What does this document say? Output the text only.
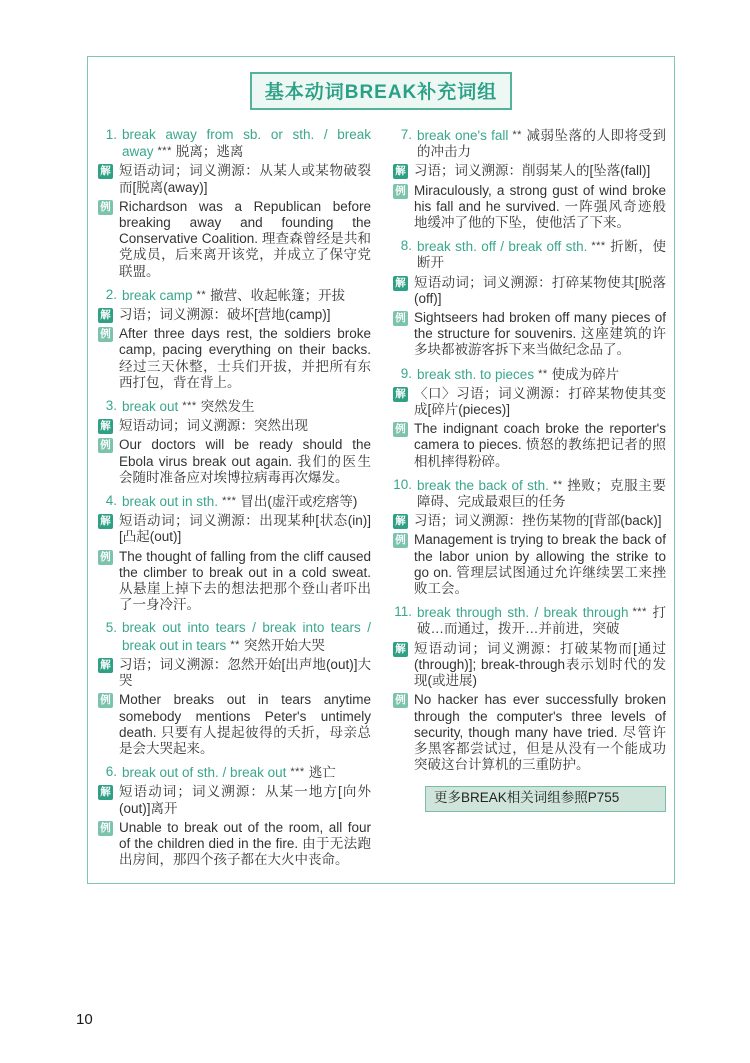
基本动词BREAK补充词组

1. break away from sb. or sth. / break away *** 脱离；逃离

解 短语动词；词义溯源：从某人或某物破裂而[脱离(away)]

例 Richardson was a Republican before breaking away and founding the Conservative Coalition. 理查森曾经是共和党成员，后来离开该党，并成立了保守党联盟。

2. break camp ** 撤营、收起帐篷；开拔

解 习语；词义溯源：破坏[营地(camp)]

例 After three days rest, the soldiers broke camp, pacing everything on their backs. 经过三天休整，士兵们开拔，并把所有东西打包，背在背上。

3. break out *** 突然发生

解 短语动词；词义溯源：突然出现

例 Our doctors will be ready should the Ebola virus break out again. 我们的医生会随时准备应对埃博拉病毒再次爆发。

4. break out in sth. *** 冒出(虚汗或疙瘩等)

解 短语动词；词义溯源：出现某种[状态(in)] [凸起(out)]

例 The thought of falling from the cliff caused the climber to break out in a cold sweat. 从悬崖上掉下去的想法把那个登山者吓出了一身冷汗。

5. break out into tears / break into tears / break out in tears ** 突然开始大哭

解 习语；词义溯源：忽然开始[出声地(out)]大哭

例 Mother breaks out in tears anytime somebody mentions Peter's untimely death. 只要有人提起彼得的夭折，母亲总是会大哭起来。

6. break out of sth. / break out *** 逃亡

解 短语动词；词义溯源：从某一地方[向外(out)]离开

例 Unable to break out of the room, all four of the children died in the fire. 由于无法跑出房间，那四个孩子都在大火中丧命。

7. break one's fall ** 减弱坠落的人即将受到的冲击力

解 习语；词义溯源：削弱某人的[坠落(fall)]

例 Miraculously, a strong gust of wind broke his fall and he survived. 一阵强风奇迹般地缓冲了他的下坠，使他活了下来。

8. break sth. off / break off sth. *** 折断，使断开

解 短语动词；词义溯源：打碎某物使其[脱落(off)]

例 Sightseers had broken off many pieces of the structure for souvenirs. 这座建筑的许多块都被游客拆下来当做纪念品了。

9. break sth. to pieces ** 使成为碎片

解 〈口〉习语；词义溯源：打碎某物使其变成[碎片(pieces)]

例 The indignant coach broke the reporter's camera to pieces. 愤怒的教练把记者的照相机摔得粉碎。

10. break the back of sth. ** 挫败；克服主要障碍、完成最艰巨的任务

解 习语；词义溯源：挫伤某物的[背部(back)]

例 Management is trying to break the back of the labor union by allowing the strike to go on. 管理层试图通过允许继续罢工来挫败工会。

11. break through sth. / break through *** 打破…而通过，拨开…并前进，突破

解 短语动词；词义溯源：打破某物而[通过(through)]; break-through表示划时代的发现(或进展)

例 No hacker has ever successfully broken through the computer's three levels of security, though many have tried. 尽管许多黑客都尝试过，但是从没有一个能成功突破这台计算机的三重防护。

更多BREAK相关词组参照P755
10
